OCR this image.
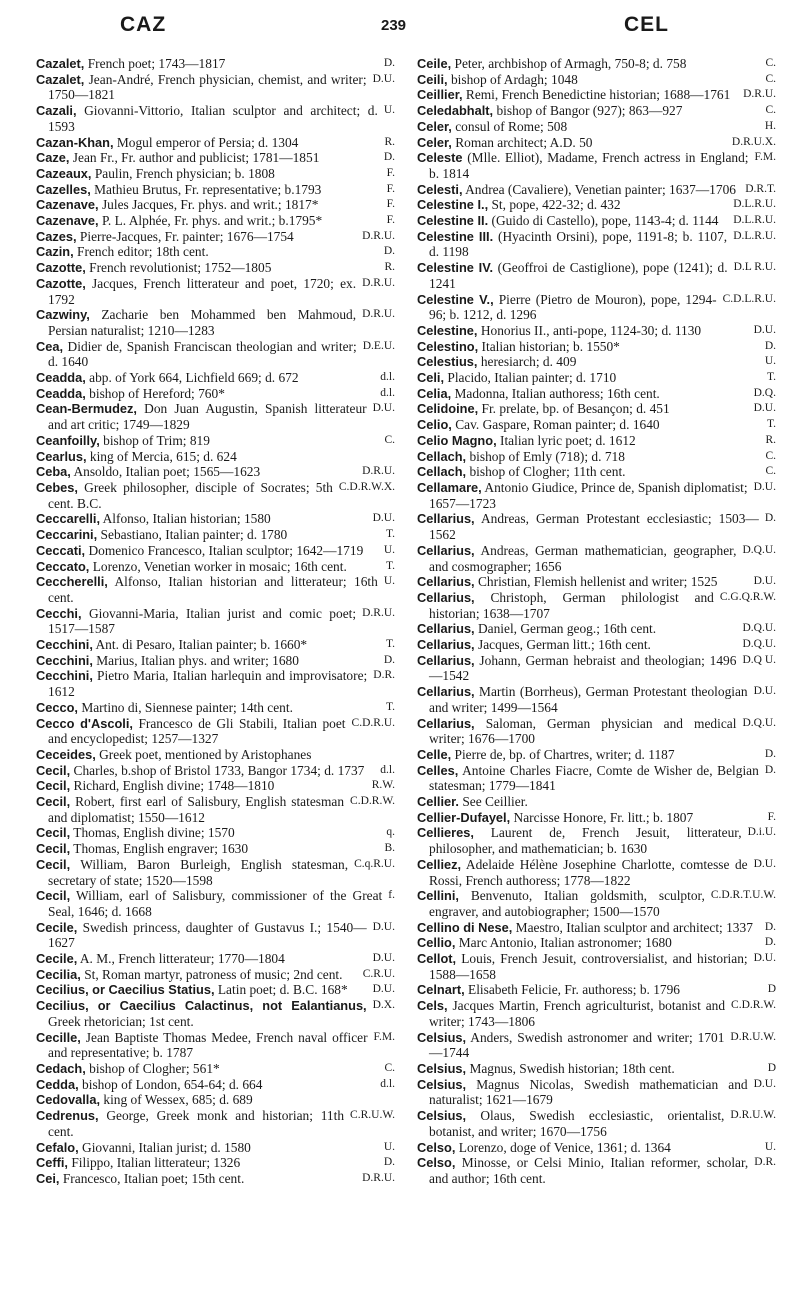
CAZ	239	CEL
D.
Cazalet, French poet; 1743—1817
D.U.
Cazalet, Jean-André, French physician, chemist, and writer; 1750—1821
U.
Cazali, Giovanni-Vittorio, Italian sculptor and architect; d. 1593
R.
Cazan-Khan, Mogul emperor of Persia; d. 1304
D.
Caze, Jean Fr., Fr. author and publicist; 1781—1851
F.
Cazeaux, Paulin, French physician; b. 1808
F.
Cazelles, Mathieu Brutus, Fr. representative; b.1793
F.
Cazenave, Jules Jacques, Fr. phys. and writ.; 1817*
F.
Cazenave, P. L. Alphée, Fr. phys. and writ.; b.1795*
D.R.U.
Cazes, Pierre-Jacques, Fr. painter; 1676—1754
D.
Cazin, French editor; 18th cent.
R.
Cazotte, French revolutionist; 1752—1805
D.R.U.
Cazotte, Jacques, French litterateur and poet, 1720; ex. 1792
D.R.U.
Cazwiny, Zacharie ben Mohammed ben Mahmoud, Persian naturalist; 1210—1283
D.E.U.
Cea, Didier de, Spanish Franciscan theologian and writer; d. 1640
d.l.
Ceadda, abp. of York 664, Lichfield 669; d. 672
d.l.
Ceadda, bishop of Hereford; 760*
D.U.
Cean-Bermudez, Don Juan Augustin, Spanish litterateur and art critic; 1749—1829
C.
Ceanfoilly, bishop of Trim; 819
Cearlus, king of Mercia, 615; d. 624
D.R.U.
Ceba, Ansoldo, Italian poet; 1565—1623
C.D.R.W.X.
Cebes, Greek philosopher, disciple of Socrates; 5th cent. B.C.
D.U.
Ceccarelli, Alfonso, Italian historian; 1580
T.
Ceccarini, Sebastiano, Italian painter; d. 1780
U.
Ceccati, Domenico Francesco, Italian sculptor; 1642—1719
T.
Ceccato, Lorenzo, Venetian worker in mosaic; 16th cent.
U.
Ceccherelli, Alfonso, Italian historian and litterateur; 16th cent.
D.R.U.
Cecchi, Giovanni-Maria, Italian jurist and comic poet; 1517—1587
T.
Cecchini, Ant. di Pesaro, Italian painter; b. 1660*
D.
Cecchini, Marius, Italian phys. and writer; 1680
D.R.
Cecchini, Pietro Maria, Italian harlequin and improvisatore; 1612
T.
Cecco, Martino di, Siennese painter; 14th cent.
C.D.R.U.
Cecco d'Ascoli, Francesco de Gli Stabili, Italian poet and encyclopedist; 1257—1327
Ceceides, Greek poet, mentioned by Aristophanes
d.l.
Cecil, Charles, b.shop of Bristol 1733, Bangor 1734; d. 1737
R.W.
Cecil, Richard, English divine; 1748—1810
C.D.R.W.
Cecil, Robert, first earl of Salisbury, English statesman and diplomatist; 1550—1612
q.
Cecil, Thomas, English divine; 1570
B.
Cecil, Thomas, English engraver; 1630
C.q.R.U.
Cecil, William, Baron Burleigh, English statesman, secretary of state; 1520—1598
f.
Cecil, William, earl of Salisbury, commissioner of the Great Seal, 1646; d. 1668
D.U.
Cecile, Swedish princess, daughter of Gustavus I.; 1540—1627
D.U.
Cecile, A. M., French litterateur; 1770—1804
C.R.U.
Cecilia, St, Roman martyr, patroness of music; 2nd cent.
D.U.
Cecilius, or Caecilius Statius, Latin poet; d. B.C. 168*
D.X.
Cecilius, or Caecilius Calactinus, not Ealantianus, Greek rhetorician; 1st cent.
F.M.
Cecille, Jean Baptiste Thomas Medee, French naval officer and representative; b. 1787
C.
Cedach, bishop of Clogher; 561*
d.l.
Cedda, bishop of London, 654-64; d. 664
Cedovalla, king of Wessex, 685; d. 689
C.R.U.W.
Cedrenus, George, Greek monk and historian; 11th cent.
U.
Cefalo, Giovanni, Italian jurist; d. 1580
D.
Ceffi, Filippo, Italian litterateur; 1326
D.R.U.
Cei, Francesco, Italian poet; 15th cent.
C.
Ceile, Peter, archbishop of Armagh, 750-8; d. 758
C.
Ceili, bishop of Ardagh; 1048
D.R.U.
Ceillier, Remi, French Benedictine historian; 1688—1761
C.
Celedabhalt, bishop of Bangor (927); 863—927
H.
Celer, consul of Rome; 508
D.R.U.X.
Celer, Roman architect; A.D. 50
F.M.
Celeste (Mlle. Elliot), Madame, French actress in England; b. 1814
D.R.T.
Celesti, Andrea (Cavaliere), Venetian painter; 1637—1706
D.L.R.U.
Celestine I., St, pope, 422-32; d. 432
D.L.R.U.
Celestine II. (Guido di Castello), pope, 1143-4; d. 1144
D.L.R.U.
Celestine III. (Hyacinth Orsini), pope, 1191-8; b. 1107, d. 1198
D.L R.U.
Celestine IV. (Geoffroi de Castiglione), pope (1241); d. 1241
C.D.L.R.U.
Celestine V., Pierre (Pietro de Mouron), pope, 1294-96; b. 1212, d. 1296
D.U.
Celestine, Honorius II., anti-pope, 1124-30; d. 1130
D.
Celestino, Italian historian; b. 1550*
U.
Celestius, heresiarch; d. 409
T.
Celi, Placido, Italian painter; d. 1710
D.Q.
Celia, Madonna, Italian authoress; 16th cent.
D.U.
Celidoine, Fr. prelate, bp. of Besançon; d. 451
T.
Celio, Cav. Gaspare, Roman painter; d. 1640
R.
Celio Magno, Italian lyric poet; d. 1612
C.
Cellach, bishop of Emly (718); d. 718
C.
Cellach, bishop of Clogher; 11th cent.
D.U.
Cellamare, Antonio Giudice, Prince de, Spanish diplomatist; 1657—1723
D.
Cellarius, Andreas, German Protestant ecclesiastic; 1503—1562
D.Q.U.
Cellarius, Andreas, German mathematician, geographer, and cosmographer; 1656
D.U.
Cellarius, Christian, Flemish hellenist and writer; 1525
C.G.Q.R.W.
Cellarius, Christoph, German philologist and historian; 1638—1707
D.Q.U.
Cellarius, Daniel, German geog.; 16th cent.
D.Q.U.
Cellarius, Jacques, German litt.; 16th cent.
D.Q U.
Cellarius, Johann, German hebraist and theologian; 1496—1542
D.U.
Cellarius, Martin (Borrheus), German Protestant theologian and writer; 1499—1564
D.Q.U.
Cellarius, Saloman, German physician and medical writer; 1676—1700
D.
Celle, Pierre de, bp. of Chartres, writer; d. 1187
D.
Celles, Antoine Charles Fiacre, Comte de Wisher de, Belgian statesman; 1779—1841
Cellier. See Ceillier.
F.
Cellier-Dufayel, Narcisse Honore, Fr. litt.; b. 1807
D.i.U.
Cellieres, Laurent de, French Jesuit, litterateur, philosopher, and mathematician; b. 1630
D.U.
Celliez, Adelaide Hélène Josephine Charlotte, comtesse de Rossi, French authoress; 1778—1822
C.D.R.T.U.W.
Cellini, Benvenuto, Italian goldsmith, sculptor, engraver, and autobiographer; 1500—1570
D.
Cellino di Nese, Maestro, Italian sculptor and architect; 1337
D.
Cellio, Marc Antonio, Italian astronomer; 1680
D.U.
Cellot, Louis, French Jesuit, controversialist, and historian; 1588—1658
D
Celnart, Elisabeth Felicie, Fr. authoress; b. 1796
C.D.R.W.
Cels, Jacques Martin, French agriculturist, botanist and writer; 1743—1806
D.R.U.W.
Celsius, Anders, Swedish astronomer and writer; 1701—1744
D
Celsius, Magnus, Swedish historian; 18th cent.
D.U.
Celsius, Magnus Nicolas, Swedish mathematician and naturalist; 1621—1679
D.R.U.W.
Celsius, Olaus, Swedish ecclesiastic, orientalist, botanist, and writer; 1670—1756
U.
Celso, Lorenzo, doge of Venice, 1361; d. 1364
D.R.
Celso, Minosse, or Celsi Minio, Italian reformer, scholar, and author; 16th cent.
